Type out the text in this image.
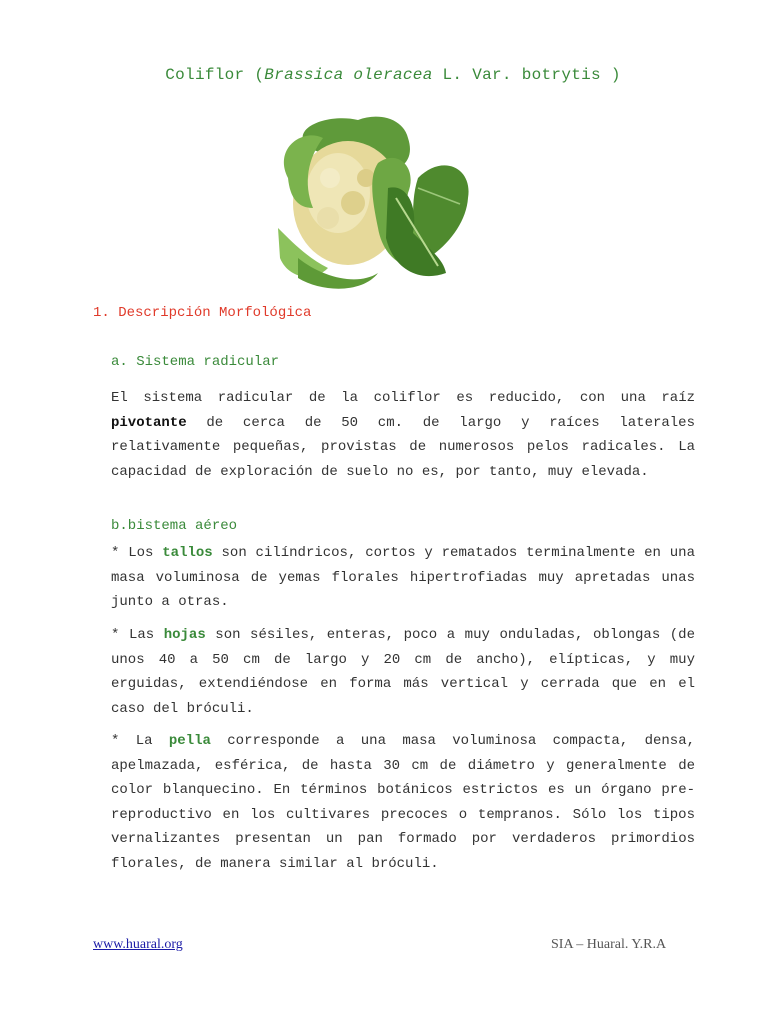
Coliflor (Brassica oleracea L. Var. botrytis )
1. Descripción Morfológica
a. Sistema radicular
El sistema radicular de la coliflor es reducido, con una raíz pivotante de cerca de 50 cm. de largo y raíces laterales relativamente pequeñas, provistas de numerosos pelos radicales. La capacidad de exploración de suelo no es, por tanto, muy elevada.
b.bistema aéreo
* Los tallos son cilíndricos, cortos y rematados terminalmente en una masa voluminosa de yemas florales hipertrofiadas muy apretadas unas junto a otras.
* Las hojas son sésiles, enteras, poco a muy onduladas, oblongas (de unos 40 a 50 cm de largo y 20 cm de ancho), elípticas, y muy erguidas, extendiéndose en forma más vertical y cerrada que en el caso del bróculi.
* La pella corresponde a una masa voluminosa compacta, densa, apelmazada, esférica, de hasta 30 cm de diámetro y generalmente de color blanquecino. En términos botánicos estrictos es un órgano pre-reproductivo en los cultivares precoces o tempranos. Sólo los tipos vernalizantes presentan un pan formado por verdaderos primordios florales, de manera similar al bróculi.
www.huaral.org	SIA – Huaral. Y.R.A
